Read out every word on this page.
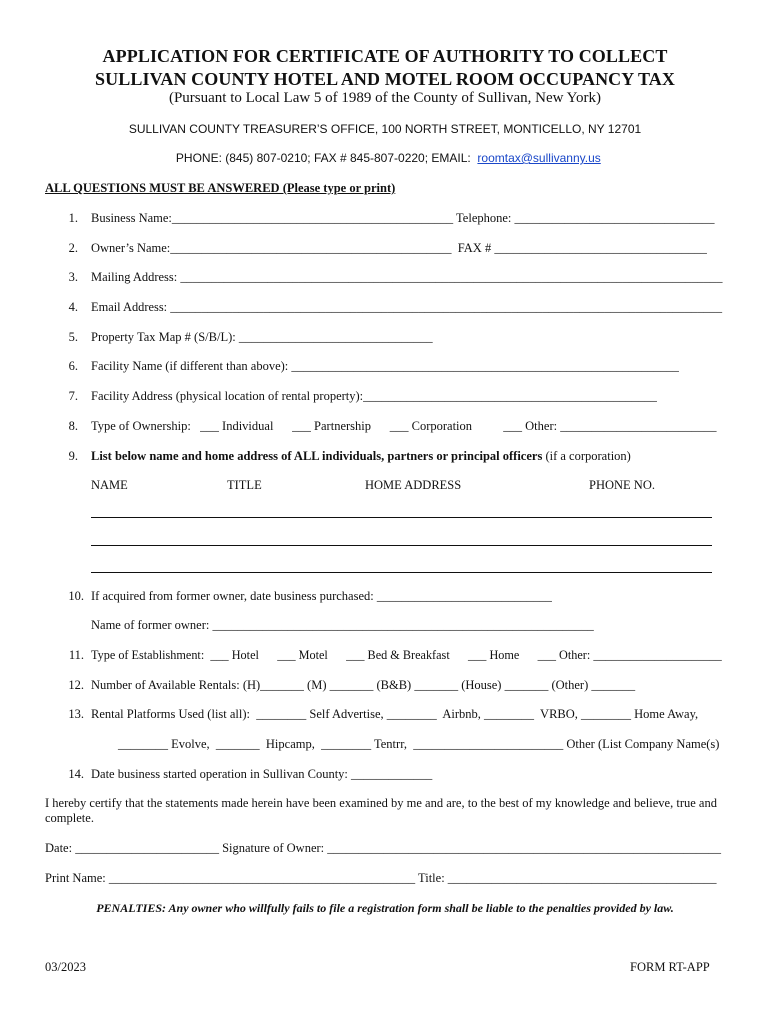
APPLICATION FOR CERTIFICATE OF AUTHORITY TO COLLECT
SULLIVAN COUNTY HOTEL AND MOTEL ROOM OCCUPANCY TAX
(Pursuant to Local Law 5 of 1989 of the County of Sullivan, New York)
SULLIVAN COUNTY TREASURER’S OFFICE, 100 NORTH STREET, MONTICELLO, NY 12701

PHONE: (845) 807-0210; FAX # 845-807-0220; EMAIL:  roomtax@sullivanny.us

ALL QUESTIONS MUST BE ANSWERED (Please type or print)
1. Business Name:_____________________________________________ Telephone: ________________________________
2. Owner’s Name:_____________________________________________  FAX # __________________________________
3. Mailing Address: _______________________________________________________________________________________
4. Email Address: _________________________________________________________________________________________
5. Property Tax Map # (S/B/L): _______________________________
6. Facility Name (if different than above): ______________________________________________________________
7. Facility Address (physical location of rental property):_______________________________________________
8. Type of Ownership:   ___ Individual      ___ Partnership      ___ Corporation          ___ Other: _________________________
9. List below name and home address of ALL individuals, partners or principal officers (if a corporation)
NAME	TITLE	HOME ADDRESS	PHONE NO.
10. If acquired from former owner, date business purchased: ____________________________
Name of former owner: _____________________________________________________________
11. Type of Establishment:  ___ Hotel      ___ Motel      ___ Bed & Breakfast      ___ Home      ___ Other: _____________________
12. Number of Available Rentals: (H)_______ (M) _______ (B&B) _______ (House) _______ (Other) _______
13. Rental Platforms Used (list all):  ________ Self Advertise, ________  Airbnb, ________  VRBO, ________ Home Away,
________ Evolve,  _______  Hipcamp,  ________ Tentrr,  ________________________ Other (List Company Name(s)
14. Date business started operation in Sullivan County: _____________
I hereby certify that the statements made herein have been examined by me and are, to the best of my knowledge and believe, true and
complete.
Date: _______________________ Signature of Owner: _______________________________________________________________
Print Name: _________________________________________________ Title: ___________________________________________
PENALTIES: Any owner who willfully fails to file a registration form shall be liable to the penalties provided by law.
03/2023	FORM RT-APP
